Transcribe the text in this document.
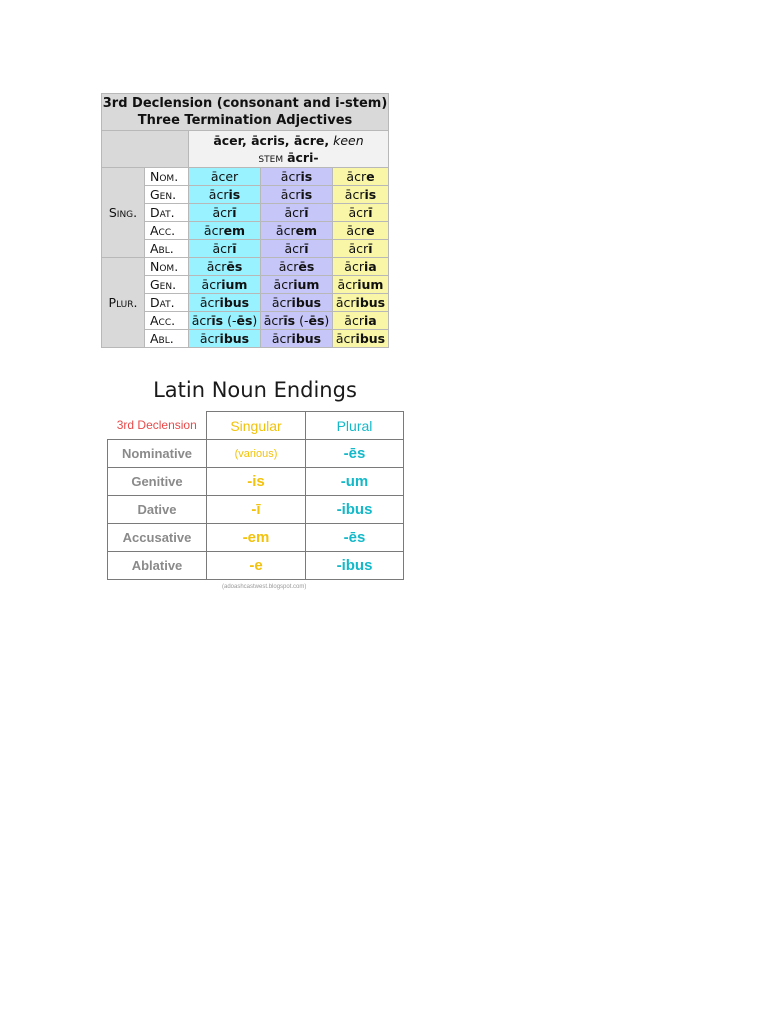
3rd Declension (consonant and i-stem)
Three Termination Adjectives				

		ācer, ācris, ācre, keen
stem ācri-		

Sing.	Nom.	ācer	ācris	ācre
	Gen.	ācris	ācris	ācris
	Dat.	ācrī	ācrī	ācrī
	Acc.	ācrem	ācrem	ācre
	Abl.	ācrī	ācrī	ācrī
Plur.	Nom.	ācrēs	ācrēs	ācria
	Gen.	ācrium	ācrium	ācrium
	Dat.	ācribus	ācribus	ācribus
	Acc.	ācrīs (-ēs)	ācrīs (-ēs)	ācria
	Abl.	ācribus	ācribus	ācribus
Latin Noun Endings
3rd Declension	Singular	Plural
Nominative	(various)	-ēs
Genitive	-is	-um
Dative	-ī	-ibus
Accusative	-em	-ēs
Ablative	-e	-ibus
(adoashcastwest.blogspot.com)
